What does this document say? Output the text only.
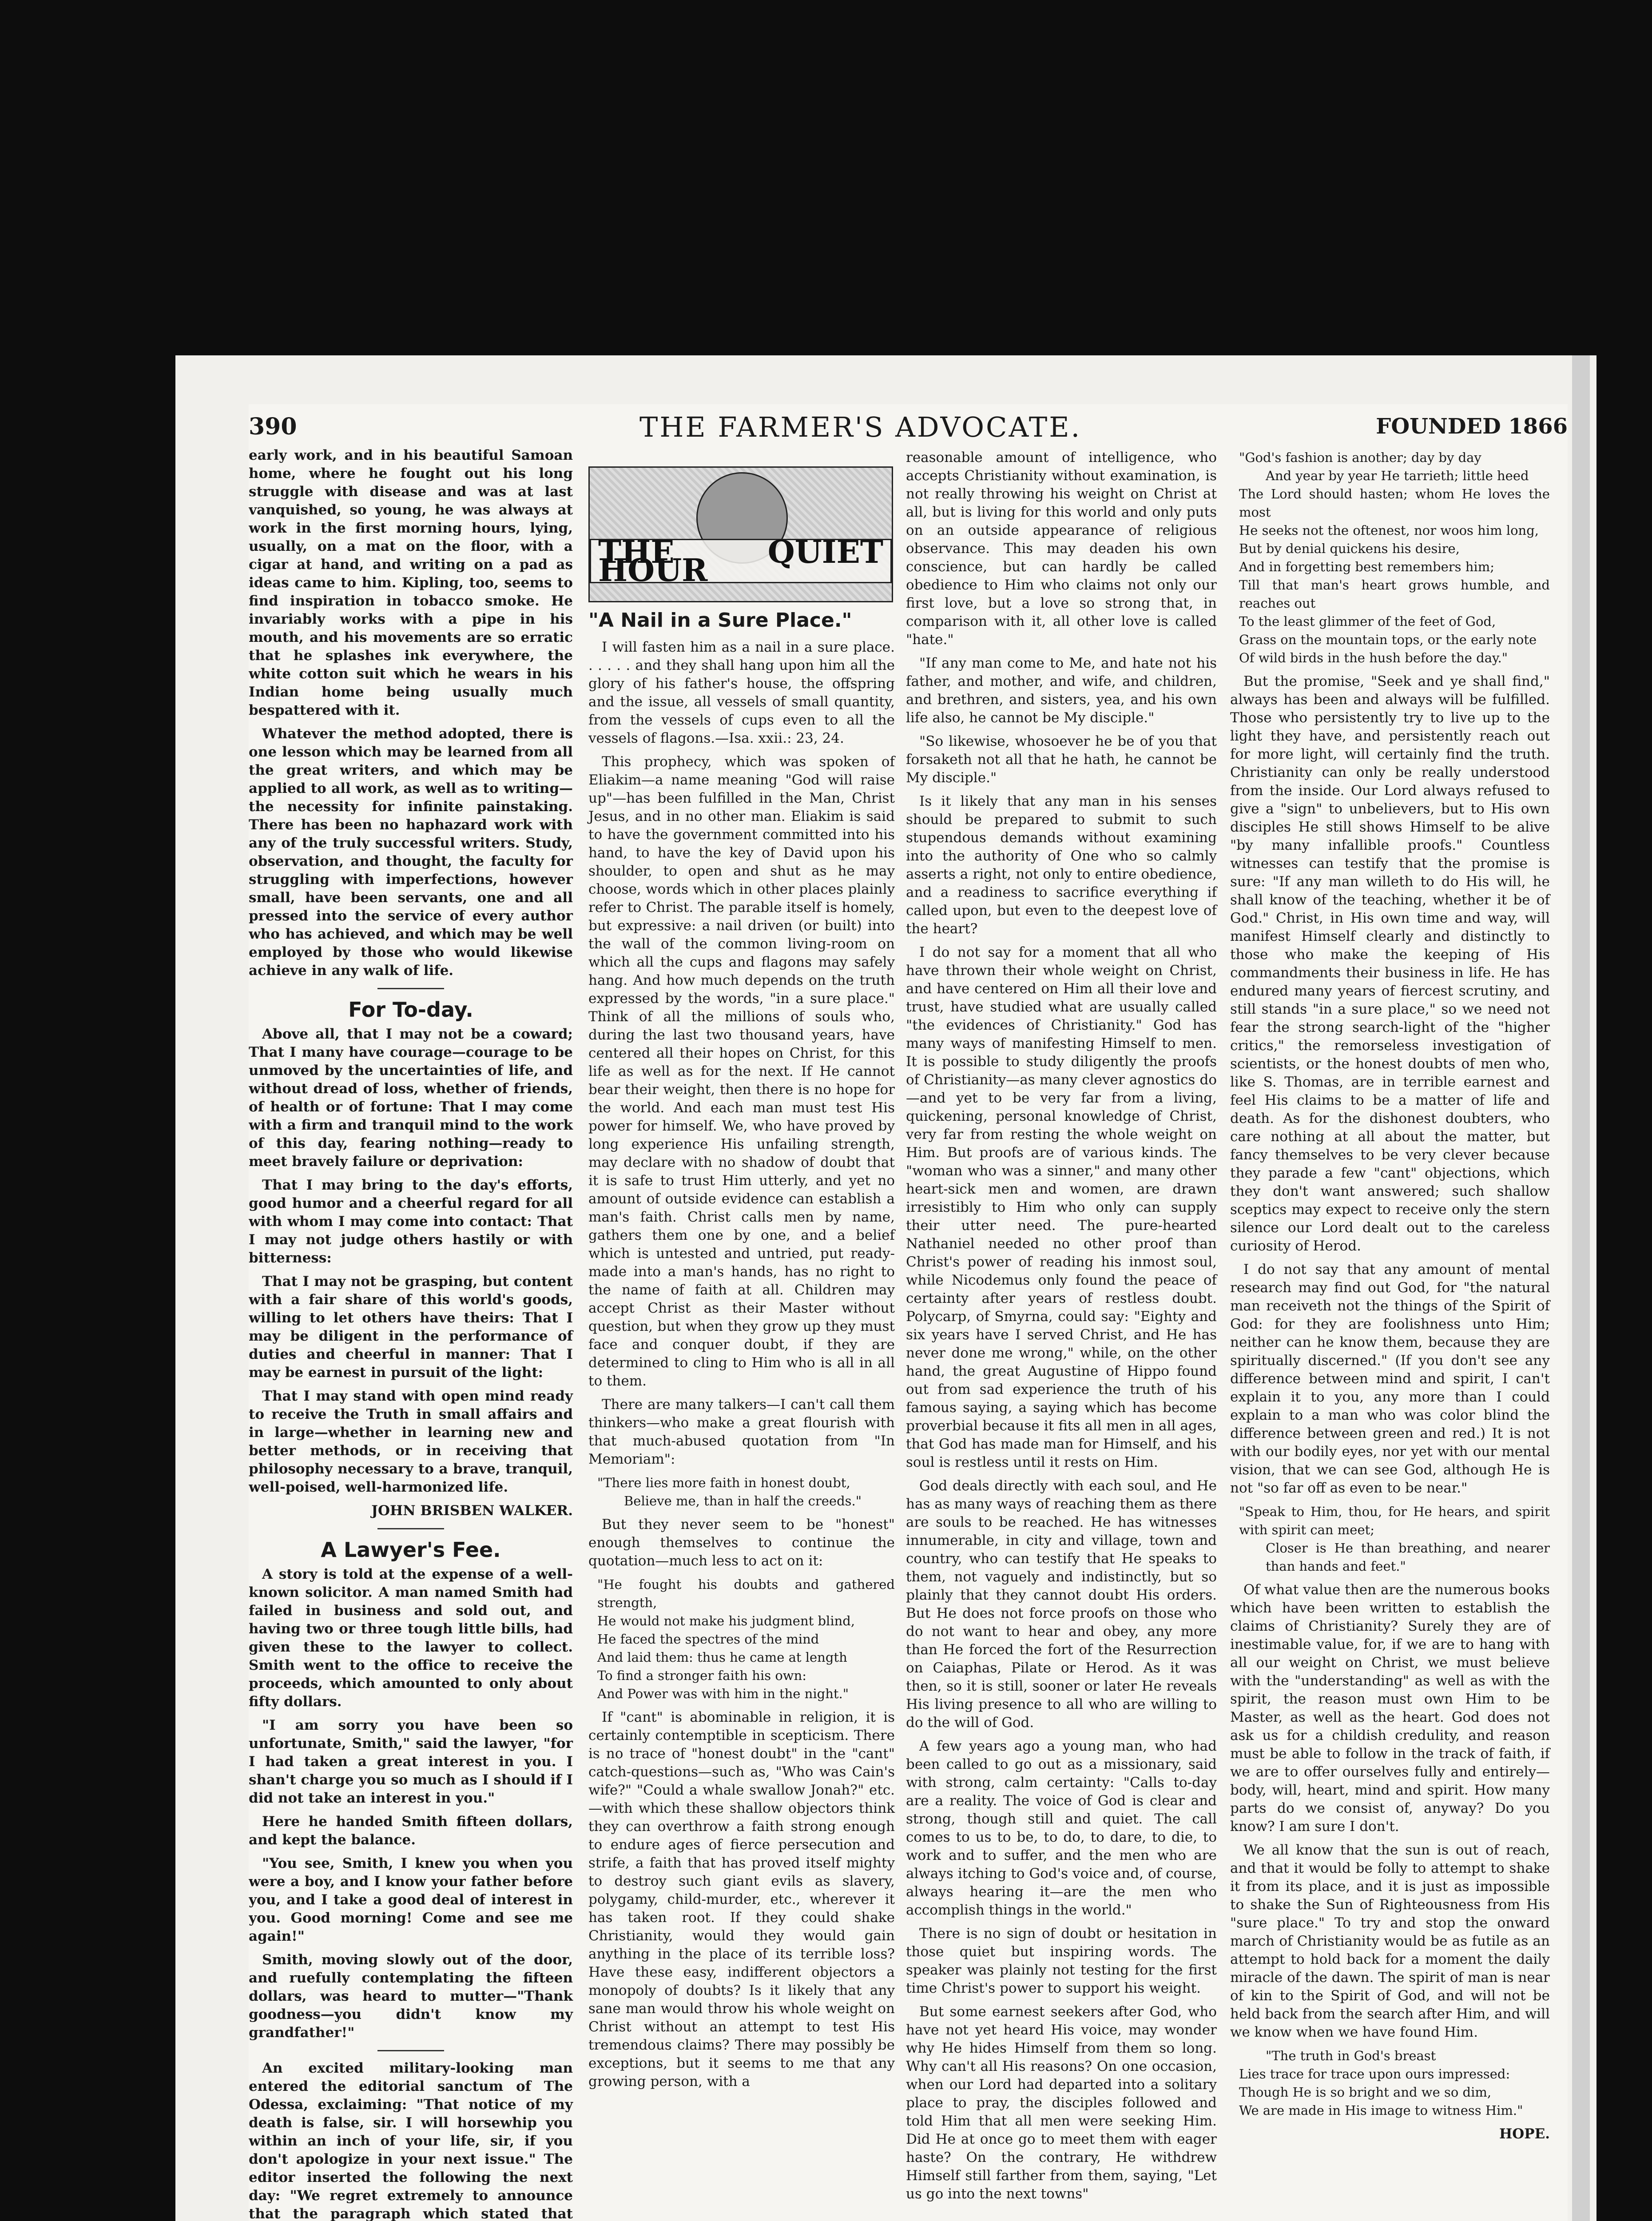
390	THE FARMER'S ADVOCATE.	FOUNDED 1866

early work, and in his beautiful Samoan home, where he fought out his long struggle with disease and was at last vanquished, so young, he was always at work in the first morning hours, lying, usually, on a mat on the floor, with a cigar at hand, and writing on a pad as ideas came to him. Kipling, too, seems to find inspiration in tobacco smoke. He invariably works with a pipe in his mouth, and his movements are so erratic that he splashes ink everywhere, the white cotton suit which he wears in his Indian home being usually much bespattered with it.

Whatever the method adopted, there is one lesson which may be learned from all the great writers, and which may be applied to all work, as well as to writing—the necessity for infinite painstaking. There has been no haphazard work with any of the truly successful writers. Study, observation, and thought, the faculty for struggling with imperfections, however small, have been servants, one and all pressed into the service of every author who has achieved, and which may be well employed by those who would likewise achieve in any walk of life.

For To-day.

Above all, that I may not be a coward; That I many have courage—courage to be unmoved by the uncertainties of life, and without dread of loss, whether of friends, of health or of fortune: That I may come with a firm and tranquil mind to the work of this day, fearing nothing—ready to meet bravely failure or deprivation:

That I may bring to the day's efforts, good humor and a cheerful regard for all with whom I may come into contact: That I may not judge others hastily or with bitterness:

That I may not be grasping, but content with a fair share of this world's goods, willing to let others have theirs: That I may be diligent in the performance of duties and cheerful in manner: That I may be earnest in pursuit of the light:

That I may stand with open mind ready to receive the Truth in small affairs and in large—whether in learning new and better methods, or in receiving that philosophy necessary to a brave, tranquil, well-poised, well-harmonized life.

JOHN BRISBEN WALKER.
A Lawyer's Fee.

A story is told at the expense of a well-known solicitor. A man named Smith had failed in business and sold out, and having two or three tough little bills, had given these to the lawyer to collect. Smith went to the office to receive the proceeds, which amounted to only about fifty dollars.

"I am sorry you have been so unfortunate, Smith," said the lawyer, "for I had taken a great interest in you. I shan't charge you so much as I should if I did not take an interest in you."

Here he handed Smith fifteen dollars, and kept the balance.

"You see, Smith, I knew you when you were a boy, and I know your father before you, and I take a good deal of interest in you. Good morning! Come and see me again!"

Smith, moving slowly out of the door, and ruefully contemplating the fifteen dollars, was heard to mutter—"Thank goodness—you didn't know my grandfather!"

An excited military-looking man entered the editorial sanctum of The Odessa, exclaiming: "That notice of my death is false, sir. I will horsewhip you within an inch of your life, sir, if you don't apologize in your next issue." The editor inserted the following the next day: "We regret extremely to announce that the paragraph which stated that

THE QUIET HOUR
"A Nail in a Sure Place."

I will fasten him as a nail in a sure place. . . . . . and they shall hang upon him all the glory of his father's house, the offspring and the issue, all vessels of small quantity, from the vessels of cups even to all the vessels of flagons.—Isa. xxii.: 23, 24.

This prophecy, which was spoken of Eliakim—a name meaning "God will raise up"—has been fulfilled in the Man, Christ Jesus, and in no other man. Eliakim is said to have the government committed into his hand, to have the key of David upon his shoulder, to open and shut as he may choose, words which in other places plainly refer to Christ. The parable itself is homely, but expressive: a nail driven (or built) into the wall of the common living-room on which all the cups and flagons may safely hang. And how much depends on the truth expressed by the words, "in a sure place." Think of all the millions of souls who, during the last two thousand years, have centered all their hopes on Christ, for this life as well as for the next. If He cannot bear their weight, then there is no hope for the world. And each man must test His power for himself. We, who have proved by long experience His unfailing strength, may declare with no shadow of doubt that it is safe to trust Him utterly, and yet no amount of outside evidence can establish a man's faith. Christ calls men by name, gathers them one by one, and a belief which is untested and untried, put ready-made into a man's hands, has no right to the name of faith at all. Children may accept Christ as their Master without question, but when they grow up they must face and conquer doubt, if they are determined to cling to Him who is all in all to them.

There are many talkers—I can't call them thinkers—who make a great flourish with that much-abused quotation from "In Memoriam":

"There lies more faith in honest doubt,
Believe me, than in half the creeds."

But they never seem to be "honest" enough themselves to continue the quotation—much less to act on it:

"He fought his doubts and gathered strength,
He would not make his judgment blind,
He faced the spectres of the mind
And laid them: thus he came at length
To find a stronger faith his own:
And Power was with him in the night."

If "cant" is abominable in religion, it is certainly contemptible in scepticism. There is no trace of "honest doubt" in the "cant" catch-questions—such as, "Who was Cain's wife?" "Could a whale swallow Jonah?" etc.—with which these shallow objectors think they can overthrow a faith strong enough to endure ages of fierce persecution and strife, a faith that has proved itself mighty to destroy such giant evils as slavery, polygamy, child-murder, etc., wherever it has taken root. If they could shake Christianity, would they would gain anything in the place of its terrible loss? Have these easy, indifferent objectors a monopoly of doubts? Is it likely that any sane man would throw his whole weight on Christ without an attempt to test His tremendous claims? There may possibly be exceptions, but it seems to me that any growing person, with a

reasonable amount of intelligence, who accepts Christianity without examination, is not really throwing his weight on Christ at all, but is living for this world and only puts on an outside appearance of religious observance. This may deaden his own conscience, but can hardly be called obedience to Him who claims not only our first love, but a love so strong that, in comparison with it, all other love is called "hate."

"If any man come to Me, and hate not his father, and mother, and wife, and children, and brethren, and sisters, yea, and his own life also, he cannot be My disciple."

"So likewise, whosoever he be of you that forsaketh not all that he hath, he cannot be My disciple."

Is it likely that any man in his senses should be prepared to submit to such stupendous demands without examining into the authority of One who so calmly asserts a right, not only to entire obedience, and a readiness to sacrifice everything if called upon, but even to the deepest love of the heart?

I do not say for a moment that all who have thrown their whole weight on Christ, and have centered on Him all their love and trust, have studied what are usually called "the evidences of Christianity." God has many ways of manifesting Himself to men. It is possible to study diligently the proofs of Christianity—as many clever agnostics do—and yet to be very far from a living, quickening, personal knowledge of Christ, very far from resting the whole weight on Him. But proofs are of various kinds. The "woman who was a sinner," and many other heart-sick men and women, are drawn irresistibly to Him who only can supply their utter need. The pure-hearted Nathaniel needed no other proof than Christ's power of reading his inmost soul, while Nicodemus only found the peace of certainty after years of restless doubt. Polycarp, of Smyrna, could say: "Eighty and six years have I served Christ, and He has never done me wrong," while, on the other hand, the great Augustine of Hippo found out from sad experience the truth of his famous saying, a saying which has become proverbial because it fits all men in all ages, that God has made man for Himself, and his soul is restless until it rests on Him.

God deals directly with each soul, and He has as many ways of reaching them as there are souls to be reached. He has witnesses innumerable, in city and village, town and country, who can testify that He speaks to them, not vaguely and indistinctly, but so plainly that they cannot doubt His orders. But He does not force proofs on those who do not want to hear and obey, any more than He forced the fort of the Resurrection on Caiaphas, Pilate or Herod. As it was then, so it is still, sooner or later He reveals His living presence to all who are willing to do the will of God.

A few years ago a young man, who had been called to go out as a missionary, said with strong, calm certainty: "Calls to-day are a reality. The voice of God is clear and strong, though still and quiet. The call comes to us to be, to do, to dare, to die, to work and to suffer, and the men who are always itching to God's voice and, of course, always hearing it—are the men who accomplish things in the world."

There is no sign of doubt or hesitation in those quiet but inspiring words. The speaker was plainly not testing for the first time Christ's power to support his weight.

But some earnest seekers after God, who have not yet heard His voice, may wonder why He hides Himself from them so long. Why can't all His reasons? On one occasion, when our Lord had departed into a solitary place to pray, the disciples followed and told Him that all men were seeking Him. Did He at once go to meet them with eager haste? On the contrary, He withdrew Himself still farther from them, saying, "Let us go into the next towns"

"God's fashion is another; day by day
And year by year He tarrieth; little heed
The Lord should hasten; whom He loves the most
He seeks not the oftenest, nor woos him long,
But by denial quickens his desire,
And in forgetting best remembers him;
Till that man's heart grows humble, and reaches out
To the least glimmer of the feet of God,
Grass on the mountain tops, or the early note
Of wild birds in the hush before the day."

But the promise, "Seek and ye shall find," always has been and always will be fulfilled. Those who persistently try to live up to the light they have, and persistently reach out for more light, will certainly find the truth. Christianity can only be really understood from the inside. Our Lord always refused to give a "sign" to unbelievers, but to His own disciples He still shows Himself to be alive "by many infallible proofs." Countless witnesses can testify that the promise is sure: "If any man willeth to do His will, he shall know of the teaching, whether it be of God." Christ, in His own time and way, will manifest Himself clearly and distinctly to those who make the keeping of His commandments their business in life. He has endured many years of fiercest scrutiny, and still stands "in a sure place," so we need not fear the strong search-light of the "higher critics," the remorseless investigation of scientists, or the honest doubts of men who, like S. Thomas, are in terrible earnest and feel His claims to be a matter of life and death. As for the dishonest doubters, who care nothing at all about the matter, but fancy themselves to be very clever because they parade a few "cant" objections, which they don't want answered; such shallow sceptics may expect to receive only the stern silence our Lord dealt out to the careless curiosity of Herod.

I do not say that any amount of mental research may find out God, for "the natural man receiveth not the things of the Spirit of God: for they are foolishness unto Him; neither can he know them, because they are spiritually discerned." (If you don't see any difference between mind and spirit, I can't explain it to you, any more than I could explain to a man who was color blind the difference between green and red.) It is not with our bodily eyes, nor yet with our mental vision, that we can see God, although He is not "so far off as even to be near."

"Speak to Him, thou, for He hears, and spirit with spirit can meet;
Closer is He than breathing, and nearer than hands and feet."

Of what value then are the numerous books which have been written to establish the claims of Christianity? Surely they are of inestimable value, for, if we are to hang with all our weight on Christ, we must believe with the "understanding" as well as with the spirit, the reason must own Him to be Master, as well as the heart. God does not ask us for a childish credulity, and reason must be able to follow in the track of faith, if we are to offer ourselves fully and entirely—body, will, heart, mind and spirit. How many parts do we consist of, anyway? Do you know? I am sure I don't.

We all know that the sun is out of reach, and that it would be folly to attempt to shake it from its place, and it is just as impossible to shake the Sun of Righteousness from His "sure place." To try and stop the onward march of Christianity would be as futile as an attempt to hold back for a moment the daily miracle of the dawn. The spirit of man is near of kin to the Spirit of God, and will not be held back from the search after Him, and will we know when we have found Him.

"The truth in God's breast
Lies trace for trace upon ours impressed:
Though He is so bright and we so dim,
We are made in His image to witness Him."
HOPE.
